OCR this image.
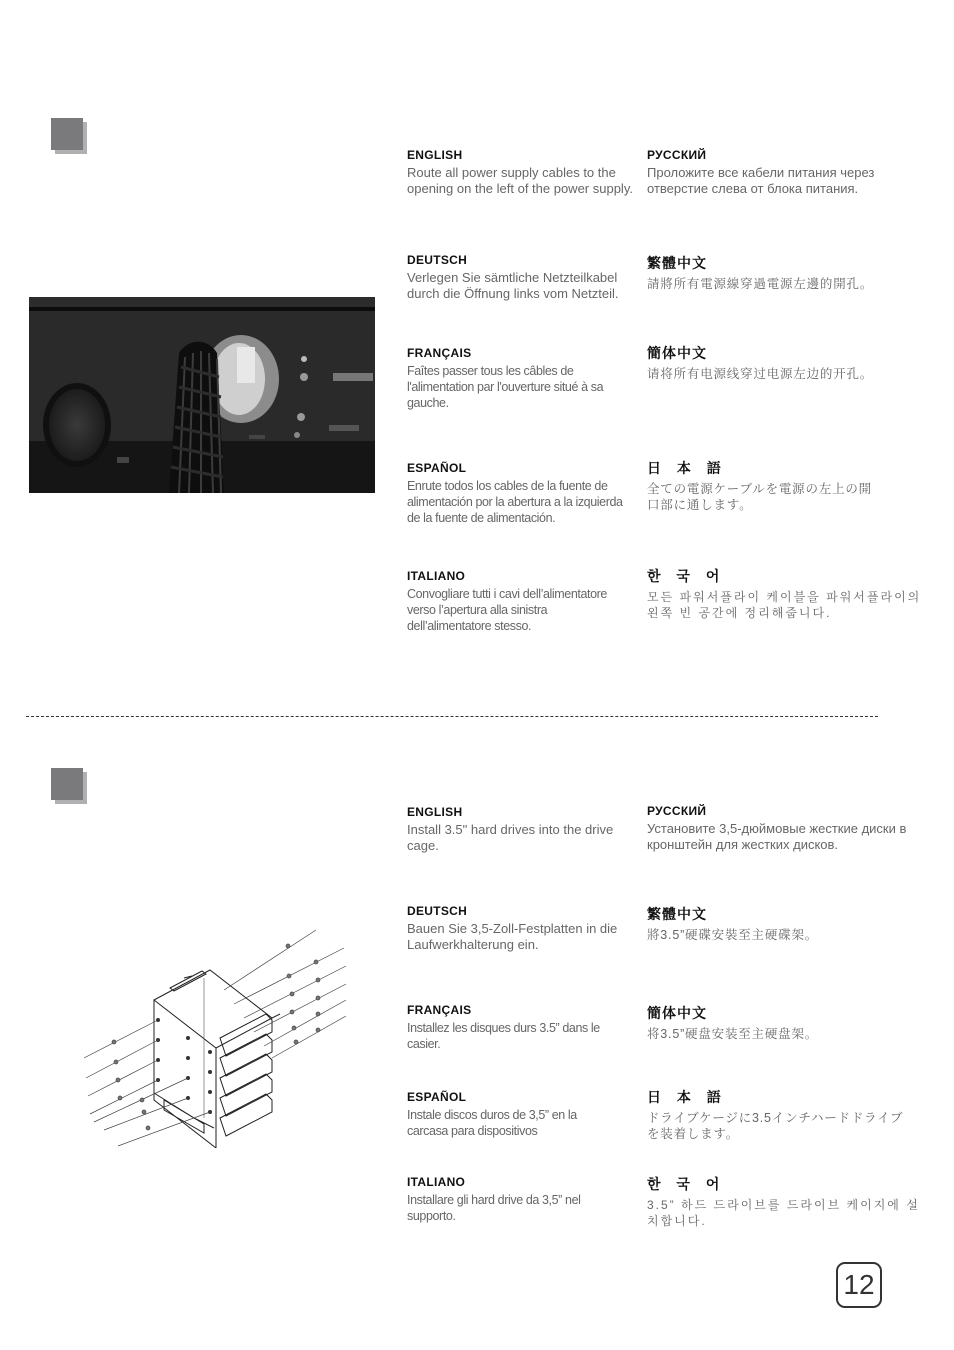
ENGLISH
Route all power supply cables to the opening on the left of the power supply.
РУССКИЙ
Проложите все кабели питания через отверстие слева от блока питания.
DEUTSCH
Verlegen Sie sämtliche Netzteilkabel durch die Öffnung links vom Netzteil.
繁體中文
請將所有電源線穿過電源左邊的開孔。
FRANÇAIS
Faîtes passer tous les câbles de l'alimentation par l'ouverture situé à sa gauche.
簡体中文
请将所有电源线穿过电源左边的开孔。
ESPAÑOL
Enrute todos los cables de la fuente de alimentación por la abertura a la izquierda de la fuente de alimentación.
日 本 語
全ての電源ケーブルを電源の左上の開口部に通します。
ITALIANO
Convogliare tutti i cavi dell’alimentatore verso l’apertura alla sinistra dell’alimentatore stesso.
한 국 어
모든 파워서플라이 케이블을 파워서플라이의 왼쪽 빈 공간에 정리해줍니다.
ENGLISH
Install 3.5" hard drives into the drive cage.
РУССКИЙ
Установите 3,5-дюймовые жесткие диски в кронштейн для жестких дисков.
DEUTSCH
Bauen Sie 3,5-Zoll-Festplatten in die Laufwerkhalterung ein.
繁體中文
將3.5”硬碟安裝至主硬碟架。
FRANÇAIS
Installez les disques durs 3.5” dans le casier.
簡体中文
将3.5”硬盘安装至主硬盘架。
ESPAÑOL
Instale discos duros de 3,5” en la carcasa para dispositivos
日 本 語
ドライブケージに3.5インチハードドライブを装着します。
ITALIANO
Installare gli hard drive da 3,5” nel supporto.
한 국 어
3.5” 하드 드라이브를 드라이브 케이지에 설치합니다.
12
